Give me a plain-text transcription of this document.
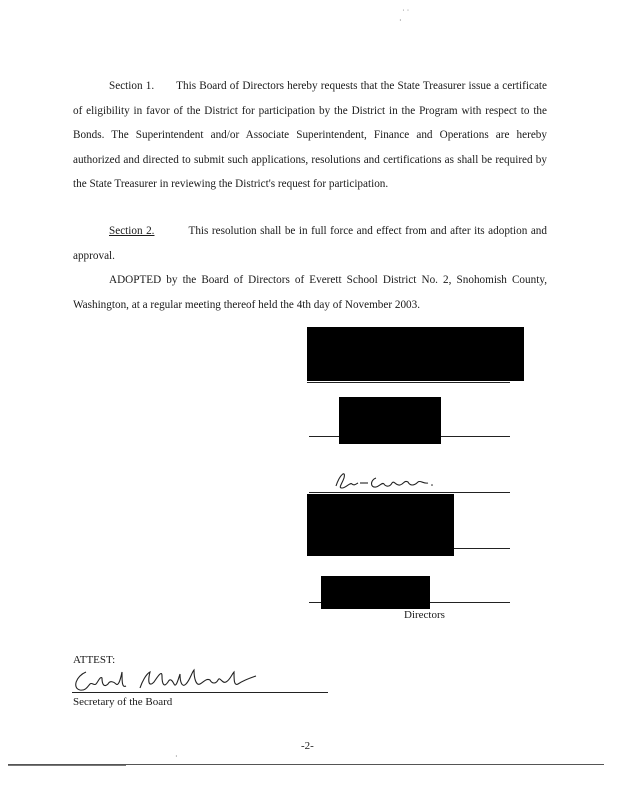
˙ ˙
·

Section 1. This Board of Directors hereby requests that the State Treasurer issue a certificate of eligibility in favor of the District for participation by the District in the Program with respect to the Bonds. The Superintendent and/or Associate Superintendent, Finance and Operations are hereby authorized and directed to submit such applications, resolutions and certifications as shall be required by the State Treasurer in reviewing the District's request for participation.

Section 2.	This resolution shall be in full force and effect from and after its adoption and approval.

ADOPTED by the Board of Directors of Everett School District No. 2, Snohomish County, Washington, at a regular meeting thereof held the 4th day of November 2003.

Directors
ATTEST:
Secretary of the Board
-2-
·
